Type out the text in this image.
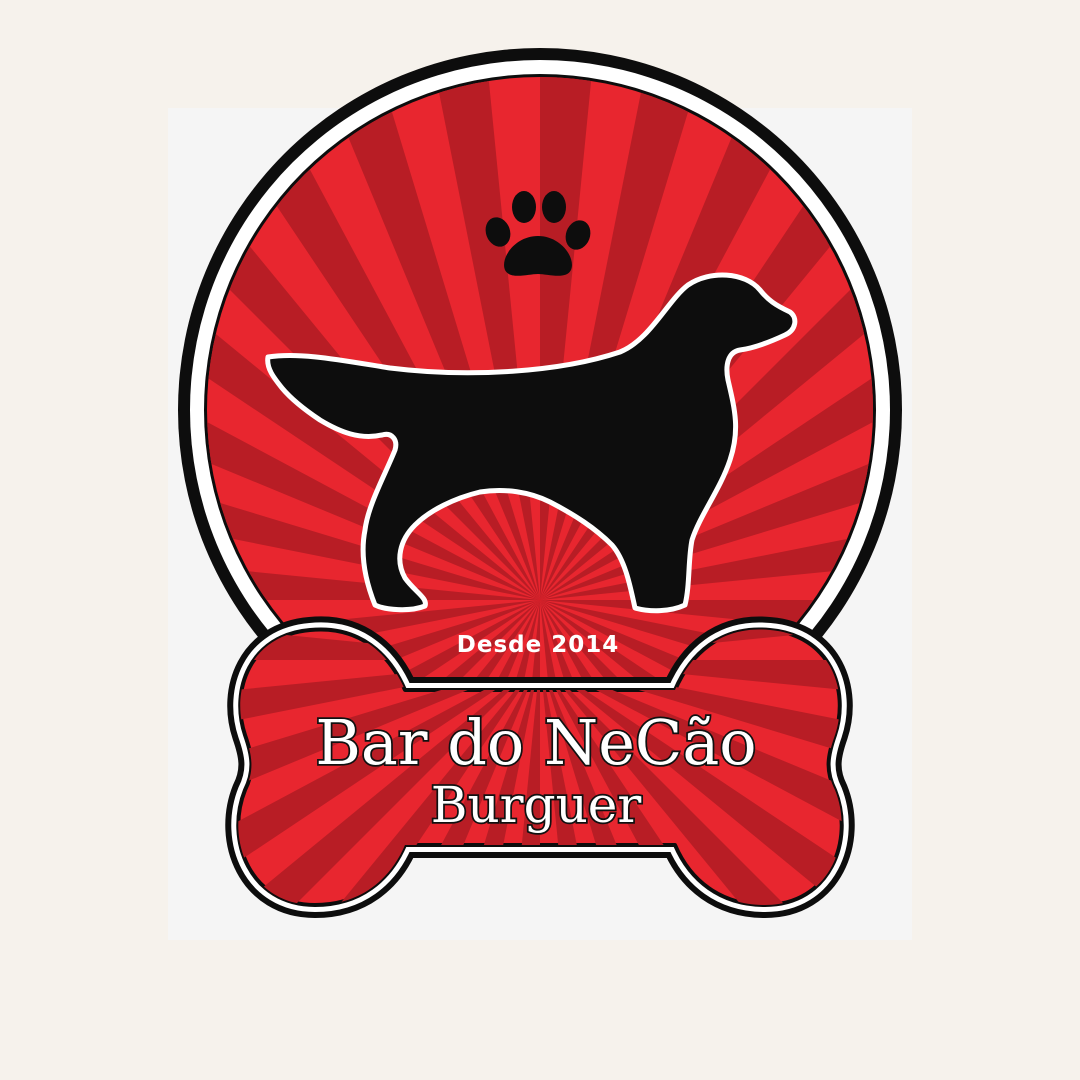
Desde 2014
Bar do NeCão
Burguer
